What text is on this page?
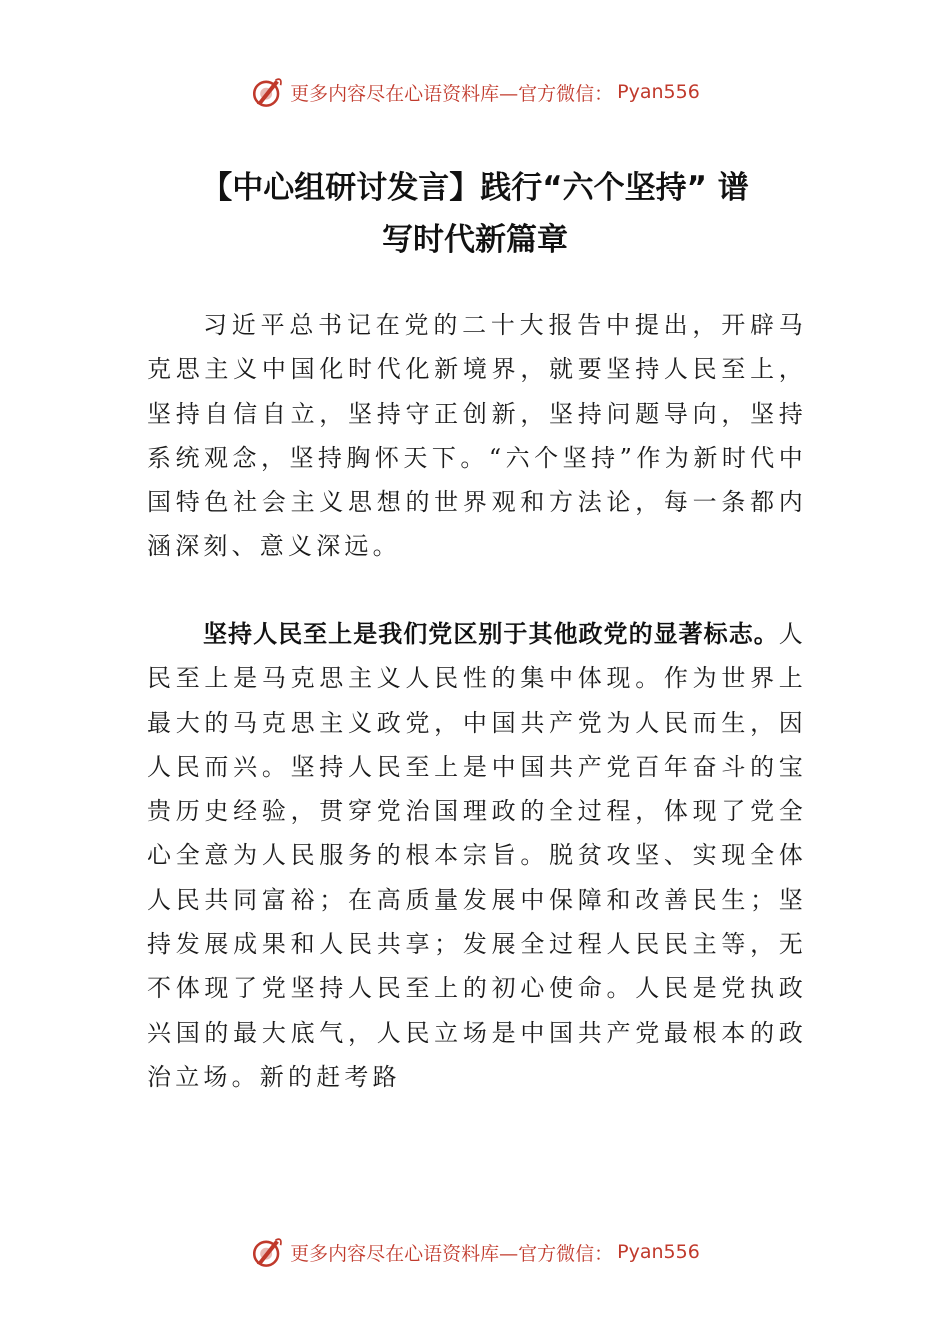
更多内容尽在心语资料库—官方微信： Pyan556
【中心组研讨发言】践行“六个坚持” 谱
写时代新篇章

习近平总书记在党的二十大报告中提出，开辟马克思主义中国化时代化新境界，就要坚持人民至上，坚持自信自立，坚持守正创新，坚持问题导向，坚持系统观念，坚持胸怀天下。“六个坚持”作为新时代中国特色社会主义思想的世界观和方法论，每一条都内涵深刻、意义深远。

坚持人民至上是我们党区别于其他政党的显著标志。人民至上是马克思主义人民性的集中体现。作为世界上最大的马克思主义政党，中国共产党为人民而生，因人民而兴。坚持人民至上是中国共产党百年奋斗的宝贵历史经验，贯穿党治国理政的全过程，体现了党全心全意为人民服务的根本宗旨。脱贫攻坚、实现全体人民共同富裕；在高质量发展中保障和改善民生；坚持发展成果和人民共享；发展全过程人民民主等，无不体现了党坚持人民至上的初心使命。人民是党执政兴国的最大底气，人民立场是中国共产党最根本的政治立场。新的赶考路

更多内容尽在心语资料库—官方微信： Pyan556
